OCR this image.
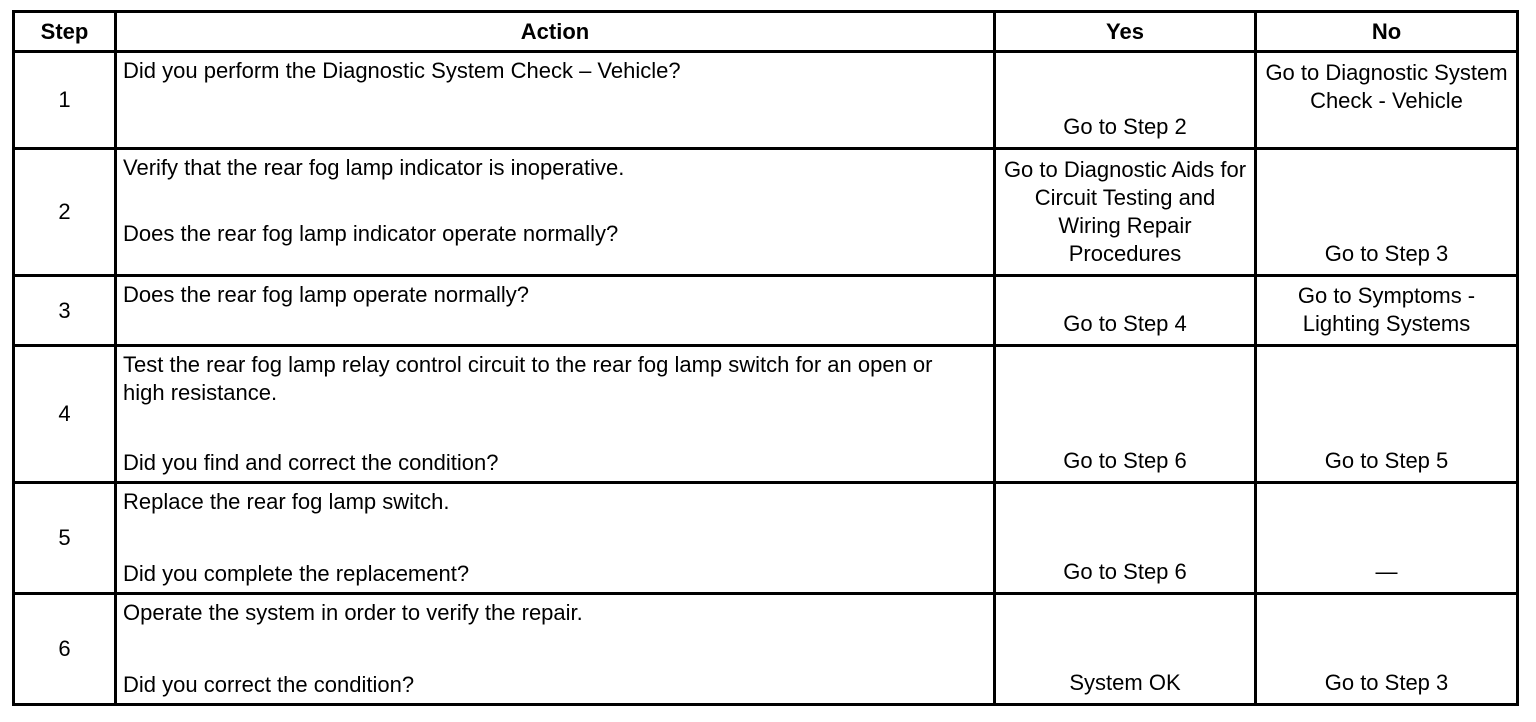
Step	Action	Yes	No
1	Did you perform the Diagnostic System Check – Vehicle?	Go to Step 2	Go to Diagnostic System Check - Vehicle
2	Verify that the rear fog lamp indicator is inoperative.
Does the rear fog lamp indicator operate normally?	Go to Diagnostic Aids for Circuit Testing and Wiring Repair Procedures	Go to Step 3
3	Does the rear fog lamp operate normally?	Go to Step 4	Go to Symptoms - Lighting Systems
4	Test the rear fog lamp relay control circuit to the rear fog lamp switch for an open or high resistance.
Did you find and correct the condition?	Go to Step 6	Go to Step 5
5	Replace the rear fog lamp switch.
Did you complete the replacement?	Go to Step 6	—
6	Operate the system in order to verify the repair.
Did you correct the condition?	System OK	Go to Step 3
